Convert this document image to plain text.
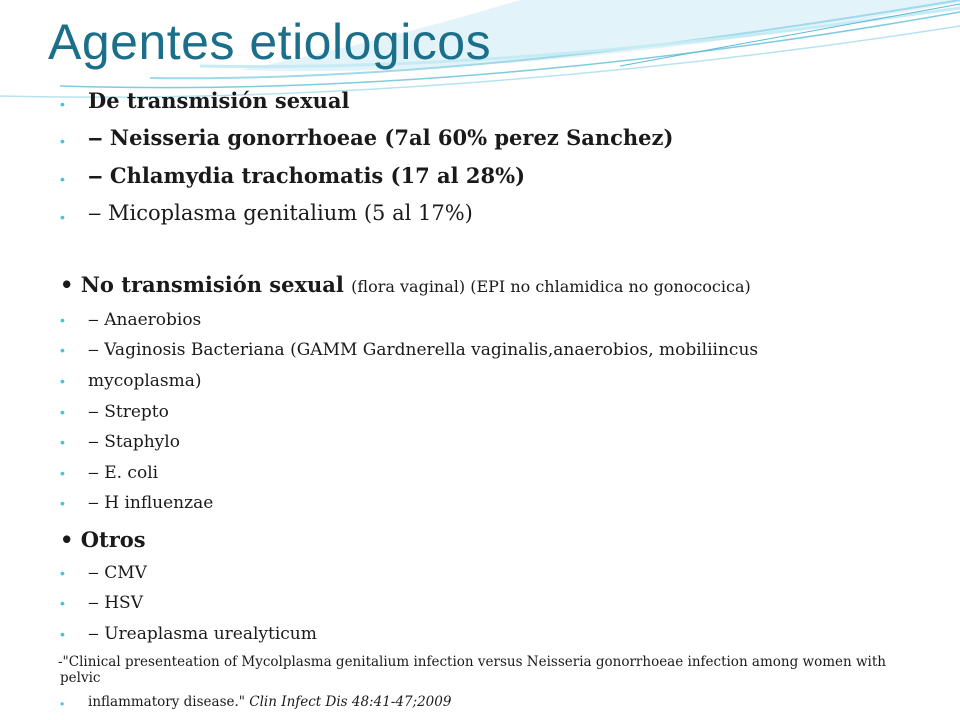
Agentes etiologicos
• De transmisión sexual
• ‒ Neisseria gonorrhoeae (7al 60% perez Sanchez)
• ‒ Chlamydia trachomatis (17 al 28%)
• ‒ Micoplasma genitalium (5 al 17%)
• No transmisión sexual (flora vaginal) (EPI no chlamidica no gonococica)
• ‒ Anaerobios
• ‒ Vaginosis Bacteriana (GAMM Gardnerella vaginalis,anaerobios, mobiliincus
• mycoplasma)
• ‒ Strepto
• ‒ Staphylo
• ‒ E. coli
• ‒ H influenzae
• Otros
• ‒ CMV
• ‒ HSV
• ‒ Ureaplasma urealyticum
-"Clinical presenteation of Mycolplasma genitalium infection versus Neisseria gonorrhoeae infection among women with pelvic
• inflammatory disease." Clin Infect Dis 48:41-47;2009
